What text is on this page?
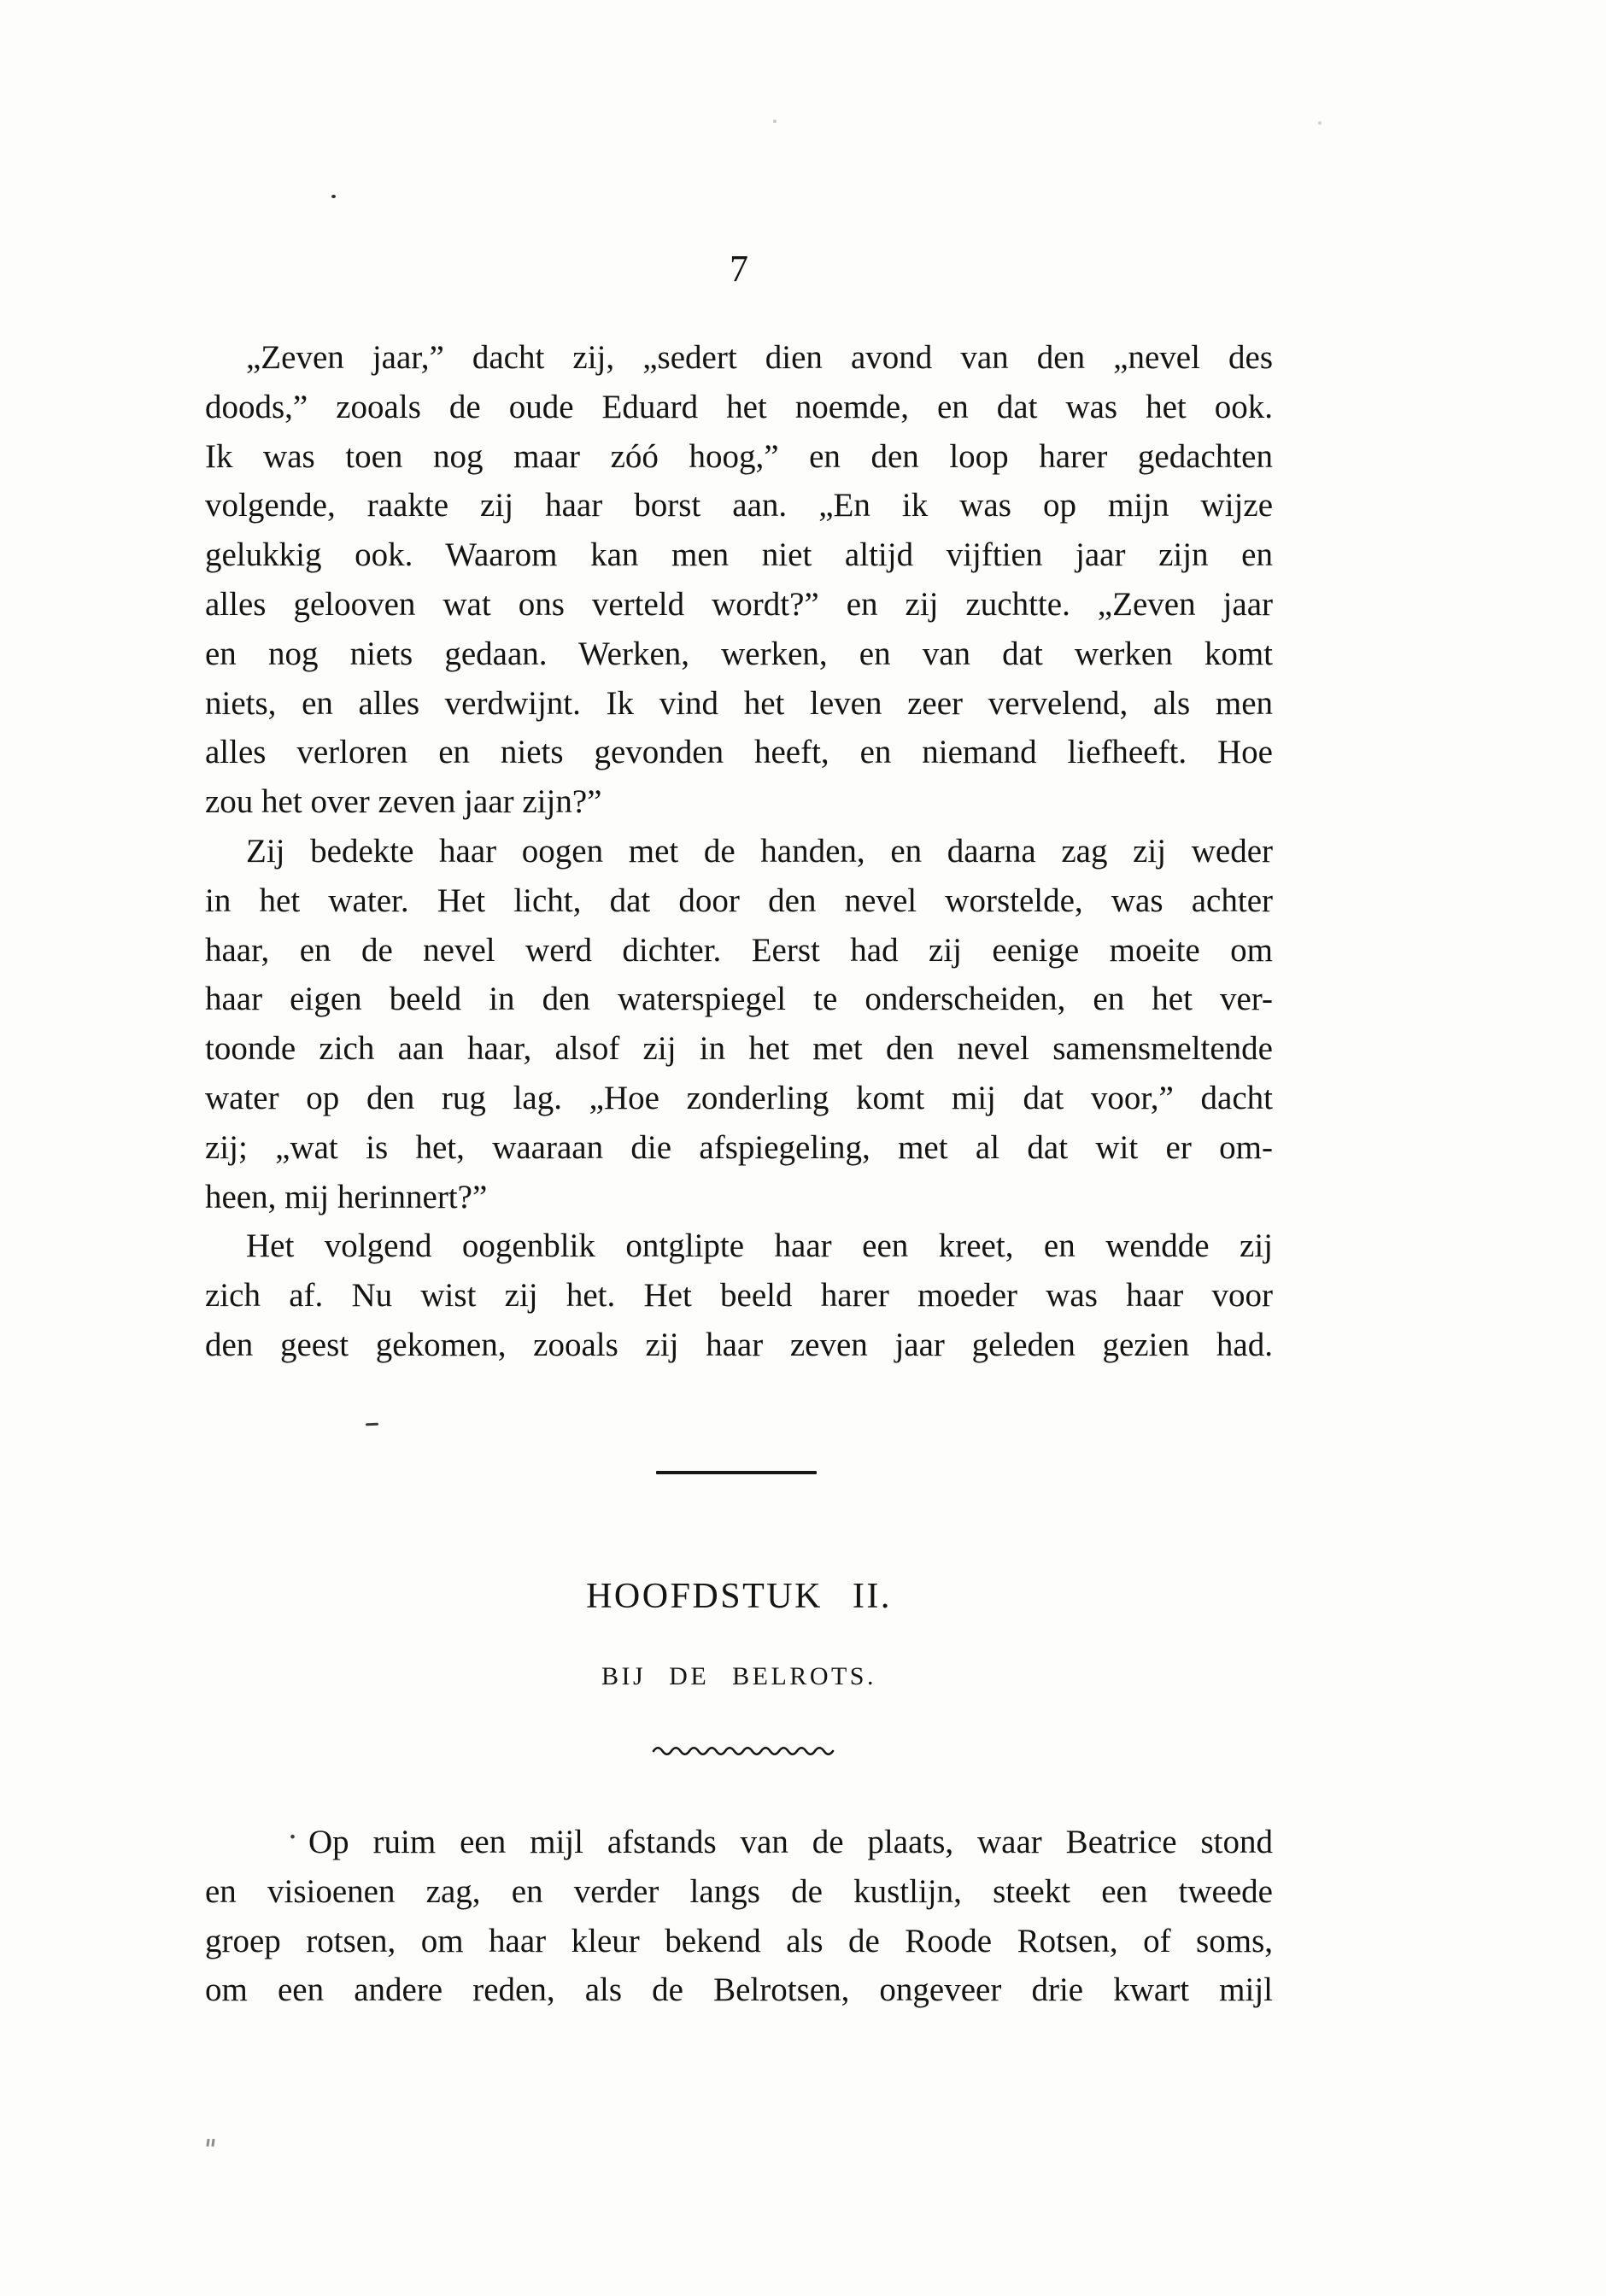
7
„Zeven jaar,” dacht zij, „sedert dien avond van den „nevel des
doods,” zooals de oude Eduard het noemde, en dat was het ook.
Ik was toen nog maar zóó hoog,” en den loop harer gedachten
volgende, raakte zij haar borst aan. „En ik was op mijn wijze
gelukkig ook. Waarom kan men niet altijd vijftien jaar zijn en
alles gelooven wat ons verteld wordt?” en zij zuchtte. „Zeven jaar
en nog niets gedaan. Werken, werken, en van dat werken komt
niets, en alles verdwijnt. Ik vind het leven zeer vervelend, als men
alles verloren en niets gevonden heeft, en niemand liefheeft. Hoe
zou het over zeven jaar zijn?”
Zij bedekte haar oogen met de handen, en daarna zag zij weder
in het water. Het licht, dat door den nevel worstelde, was achter
haar, en de nevel werd dichter. Eerst had zij eenige moeite om
haar eigen beeld in den waterspiegel te onderscheiden, en het ver-
toonde zich aan haar, alsof zij in het met den nevel samensmeltende
water op den rug lag. „Hoe zonderling komt mij dat voor,” dacht
zij; „wat is het, waaraan die afspiegeling, met al dat wit er om-
heen, mij herinnert?”
Het volgend oogenblik ontglipte haar een kreet, en wendde zij
zich af. Nu wist zij het. Het beeld harer moeder was haar voor
den geest gekomen, zooals zij haar zeven jaar geleden gezien had.
HOOFDSTUK II.
BIJ DE BELROTS.
· Op ruim een mijl afstands van de plaats, waar Beatrice stond
en visioenen zag, en verder langs de kustlijn, steekt een tweede
groep rotsen, om haar kleur bekend als de Roode Rotsen, of soms,
om een andere reden, als de Belrotsen, ongeveer drie kwart mijl
